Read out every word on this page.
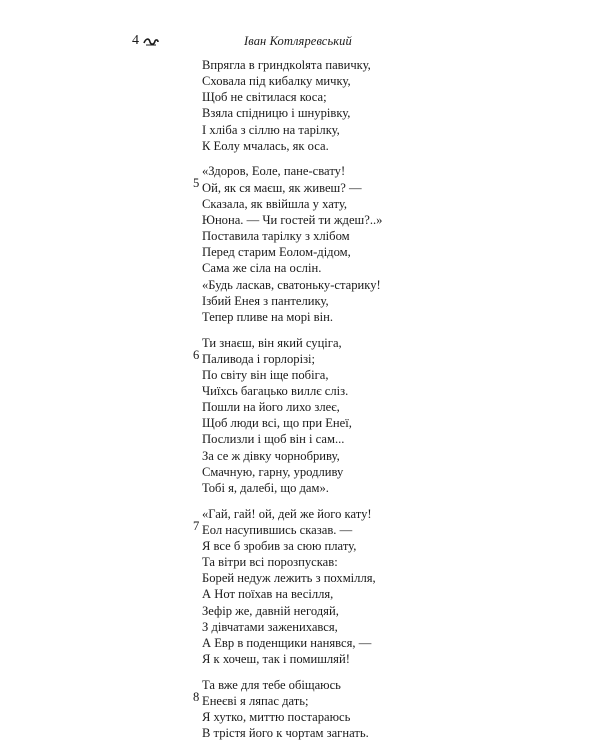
4	Іван Котляревський
Впрягла в гриндкolята павичку,
Сховала під кибалку мичку,
Щоб не світилася коса;
Взяла спідницю і шнурівку,
І хліба з сіллю на тарілку,
К Еолу мчалась, як оса.
5
«Здоров, Еоле, пане-свату!
Ой, як ся маєш, як живеш? —
Сказала, як ввійшла у хату,
Юнона. — Чи гостей ти ждеш?..»
Поставила тарілку з хлібом
Перед старим Еолом-дідом,
Сама же сіла на ослін.
«Будь ласкав, сватоньку-старику!
Ізбий Енея з пантелику,
Тепер пливе на морі він.
6
Ти знаєш, він який суціга,
Паливода і горлорізі;
По світу він іще побіга,
Чиїхсь багацько виллє сліз.
Пошли на його лихо злеє,
Щоб люди всі, що при Енеї,
Послизли і щоб він і сам...
За се ж дівку чорнобриву,
Смачную, гарну, уродливу
Тобі я, далебі, що дам».
7
«Гай, гай! ой, дей же його кату!
Еол насупившись сказав. —
Я все б зробив за сюю плату,
Та вітри всі порозпускав:
Борей недуж лежить з похмілля,
А Нот поїхав на весілля,
Зефір же, давній негодяй,
З дівчатами заженихався,
А Евр в поденщики нанявся, —
Я к хочеш, так і помишляй!
8
Та вже для тебе обіщаюсь
Енеєві я ляпас дать;
Я хутко, миттю постараюсь
В трістя його к чортам загнать.
